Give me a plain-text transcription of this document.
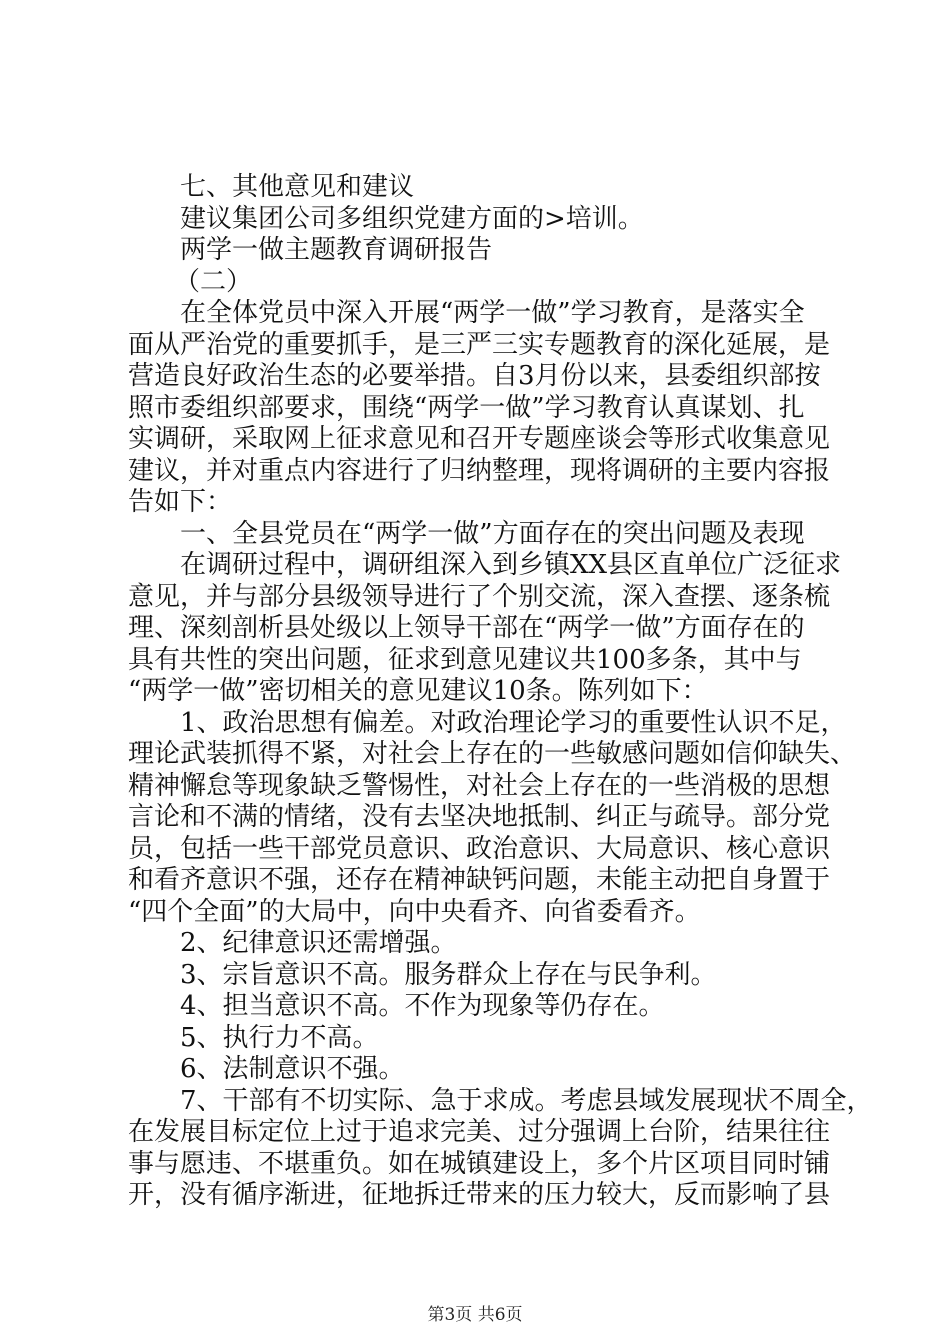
七、其他意见和建议
建议集团公司多组织党建方面的>培训。
两学一做主题教育调研报告
（二）
在全体党员中深入开展“两学一做”学习教育，是落实全
面从严治党的重要抓手，是三严三实专题教育的深化延展，是
营造良好政治生态的必要举措。自3月份以来，县委组织部按
照市委组织部要求，围绕“两学一做”学习教育认真谋划、扎
实调研，采取网上征求意见和召开专题座谈会等形式收集意见
建议，并对重点内容进行了归纳整理，现将调研的主要内容报
告如下：
一、全县党员在“两学一做”方面存在的突出问题及表现
在调研过程中，调研组深入到乡镇XX县区直单位广泛征求
意见，并与部分县级领导进行了个别交流，深入查摆、逐条梳
理、深刻剖析县处级以上领导干部在“两学一做”方面存在的
具有共性的突出问题，征求到意见建议共100多条，其中与
“两学一做”密切相关的意见建议10条。陈列如下：
1、政治思想有偏差。对政治理论学习的重要性认识不足，
理论武装抓得不紧，对社会上存在的一些敏感问题如信仰缺失、
精神懈怠等现象缺乏警惕性，对社会上存在的一些消极的思想
言论和不满的情绪，没有去坚决地抵制、纠正与疏导。部分党
员，包括一些干部党员意识、政治意识、大局意识、核心意识
和看齐意识不强，还存在精神缺钙问题，未能主动把自身置于
“四个全面”的大局中，向中央看齐、向省委看齐。
2、纪律意识还需增强。
3、宗旨意识不高。服务群众上存在与民争利。
4、担当意识不高。不作为现象等仍存在。
5、执行力不高。
6、法制意识不强。
7、干部有不切实际、急于求成。考虑县域发展现状不周全，
在发展目标定位上过于追求完美、过分强调上台阶，结果往往
事与愿违、不堪重负。如在城镇建设上，多个片区项目同时铺
开，没有循序渐进，征地拆迁带来的压力较大，反而影响了县
第3页 共6页
